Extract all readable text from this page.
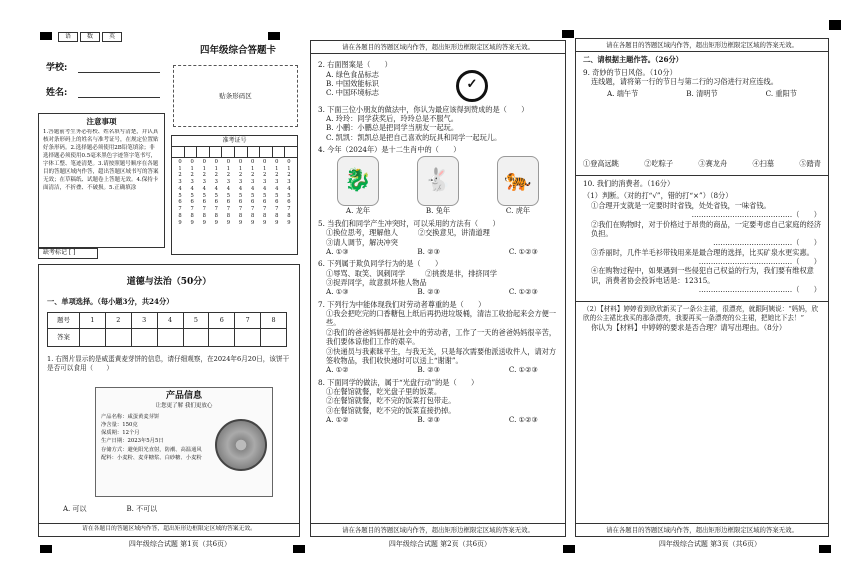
语	数	英
四年级综合答题卡
学校:
姓名:	贴条形码区
注意事项
1.答题前考生务必将校、姓名填写清楚，并认真核对条形码上的姓名与准考证号，在规定位置贴好条形码。2.选择题必须使用2B铅笔填涂；非选择题必须使用0.5毫米黑色字迹签字笔书写，字体工整、笔迹清楚。3.请按照题号顺序在各题目的答题区域内作答，超出答题区域书写的答案无效；在草稿纸、试题卷上答题无效。4.保持卡面清洁，不折叠、不破损。5.正确填涂
准考证号
0 0 0 0 0 0 0 0 0 0
1 1 1 1 1 1 1 1 1 1
2 2 2 2 2 2 2 2 2 2
3 3 3 3 3 3 3 3 3 3
4 4 4 4 4 4 4 4 4 4
5 5 5 5 5 5 5 5 5 5
6 6 6 6 6 6 6 6 6 6
7 7 7 7 7 7 7 7 7 7
8 8 8 8 8 8 8 8 8 8
9 9 9 9 9 9 9 9 9 9
缺考标记 [ ]
道德与法治（50分）
一、单项选择。（每小题3分，共24分）
题号	1	2	3	4	5	6	7	8
答案								
1. 右图片显示的是威蛋黄麦芽饼的信息，请仔细观察，在2024年6月20日，该饼干是否可以食用（　　）
产品信息
让您更了解 我们更放心
产品名称：咸蛋黄麦芽饼
净含量：150克
保质期：12个月
生产日期：2023年5月5日
存储方式：避免阳光直射，防潮、高温通风
配料：小麦粉、麦芽糖浆、白砂糖、小麦粉
A. 可以	B. 不可以
请在各题目的答题区域内作答，超出矩形边框限定区域的答案无效。
四年级综合试题 第1页（共6页）
请在各题目的答题区域内作答，超出矩形边框限定区域的答案无效。
2. 右面图案是（　　）
A. 绿色食品标志
B. 中国效能标识
C. 中国环境标志
✓
3. 下面三位小朋友的做法中，你认为最应该得到赞成的是（　　）
A. 玲玲：同学获奖后，玲玲总是不服气。
B. 小鹏：小鹏总是把同学当朋友一起玩。
C. 凯凯：凯凯总是把自己喜欢的玩具和同学一起玩儿。
4. 今年（2024年）是十二生肖中的（　　）
🐉	🐇	🐅
A. 龙年	B. 兔年	C. 虎年
5. 当我们和同学产生冲突时，可以采用的方法有（　　）
①换位思考，理解他人	②交换意见，讲清道理
③请人调节，解决冲突
A. ①③	B. ②③	C. ①②③
6. 下列属于欺负同学行为的是（　　）
①辱骂、取笑、讽刺同学	②挑拨是非，排挤同学
③捉弄同学，故意损坏他人物品
A. ①③	B. ②③	C. ①②③
7. 下列行为中能体现我们对劳动者尊重的是（　　）
①我会把吃完的口香糖包上纸后再扔进垃圾桶，清洁工收拾起来会方便一些。
②我们的爸爸妈妈都是社会中的劳动者，工作了一天的爸爸妈妈很辛苦，我们要体谅他们工作的艰辛。
③快递员与我素昧平生，与我无关，只是每次需要他派送收件人，请对方签收物品，我们收快递时可以送上“谢谢”。
A. ①②	B. ②③	C. ①②③
8. 下面同学的做法，属于“光盘行动”的是（　　）
①在餐馆就餐，吃光盘子里的饭菜。
②在餐馆就餐，吃不完的饭菜打包带走。
③在餐馆就餐，吃不完的饭菜直接扔掉。
A. ①②	B. ②③	C. ①②③
请在各题目的答题区域内作答，超出矩形边框限定区域的答案无效。
四年级综合试题 第2页（共6页）
请在各题目的答题区域内作答，超出矩形边框限定区域的答案无效。
二、请根据主题作答。（26分）
9. 奇妙的节日风俗。（10分）
连线题，请将第一行的节日与第二行的习俗进行对应连线。
A. 端午节	B. 清明节	C. 重阳节
①登高远眺	②吃粽子	③赛龙舟	④扫墓	⑤踏青
10. 我们的消费者。（16分）
（1）判断。（对的打“√”，错的打“×”）（8分）
①合理开支就是一定要时时省钱，处处省钱，一味省钱。
……………………………………（　　）
②我们在购物时，对于价格过于昂贵的商品，一定要考虑自己家庭的经济负担。
……………………………（　　）
③乔丽时，几件羊毛衫带钱用来是最合理的选择，比买矿泉水更实惠。
…………………………………（　　）
④在购物过程中，如果遇到一些侵犯自己权益的行为，我们要有维权意识，消费者协会投诉电话是：12315。
…………………………………（　　）
（2）【材料】婷婷看到欣欣新买了一条公主裙，很漂亮，就跟阿姨说：“妈妈，欣欣的公主裙比我买的那条漂亮，我要再买一条漂亮的公主裙，把她比下去！”
你认为【材料】中婷婷的要求是否合理？请写出理由。（8分）
请在各题目的答题区域内作答，超出矩形边框限定区域的答案无效。
四年级综合试题 第3页（共6页）
